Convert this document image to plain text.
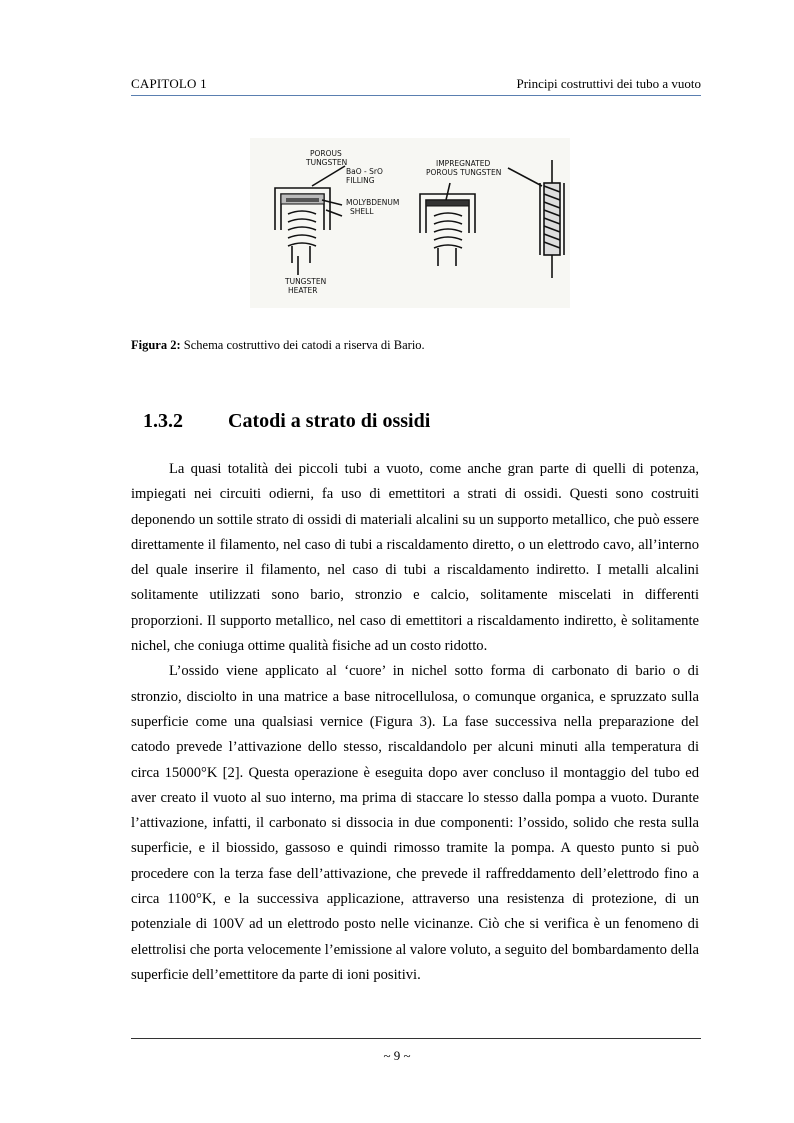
CAPITOLO 1	Principi costruttivi dei tubo a vuoto
POROUS
TUNGSTEN
BaO - SrO
FILLING
MOLYBDENUM
SHELL
TUNGSTEN
HEATER
IMPREGNATED
POROUS TUNGSTEN
Figura 2: Schema costruttivo dei catodi a riserva di Bario.
1.3.2 Catodi a strato di ossidi

La quasi totalità dei piccoli tubi a vuoto, come anche gran parte di quelli di potenza, impiegati nei circuiti odierni, fa uso di emettitori a strati di ossidi. Questi sono costruiti deponendo un sottile strato di ossidi di materiali alcalini su un supporto metallico, che può essere direttamente il filamento, nel caso di tubi a riscaldamento diretto, o un elettrodo cavo, all’interno del quale inserire il filamento, nel caso di tubi a riscaldamento indiretto. I metalli alcalini solitamente utilizzati sono bario, stronzio e calcio, solitamente miscelati in differenti proporzioni. Il supporto metallico, nel caso di emettitori a riscaldamento indiretto, è solitamente nichel, che coniuga ottime qualità fisiche ad un costo ridotto.

L’ossido viene applicato al ‘cuore’ in nichel sotto forma di carbonato di bario o di stronzio, disciolto in una matrice a base nitrocellulosa, o comunque organica, e spruzzato sulla superficie come una qualsiasi vernice (Figura 3). La fase successiva nella preparazione del catodo prevede l’attivazione dello stesso, riscaldandolo per alcuni minuti alla temperatura di circa 15000°K [2]. Questa operazione è eseguita dopo aver concluso il montaggio del tubo ed aver creato il vuoto al suo interno, ma prima di staccare lo stesso dalla pompa a vuoto. Durante l’attivazione, infatti, il carbonato si dissocia in due componenti: l’ossido, solido che resta sulla superficie, e il biossido, gassoso e quindi rimosso tramite la pompa. A questo punto si può procedere con la terza fase dell’attivazione, che prevede il raffreddamento dell’elettrodo fino a circa 1100°K, e la successiva applicazione, attraverso una resistenza di protezione, di un potenziale di 100V ad un elettrodo posto nelle vicinanze. Ciò che si verifica è un fenomeno di elettrolisi che porta velocemente l’emissione al valore voluto, a seguito del bombardamento della superficie dell’emettitore da parte di ioni positivi.

~ 9 ~
